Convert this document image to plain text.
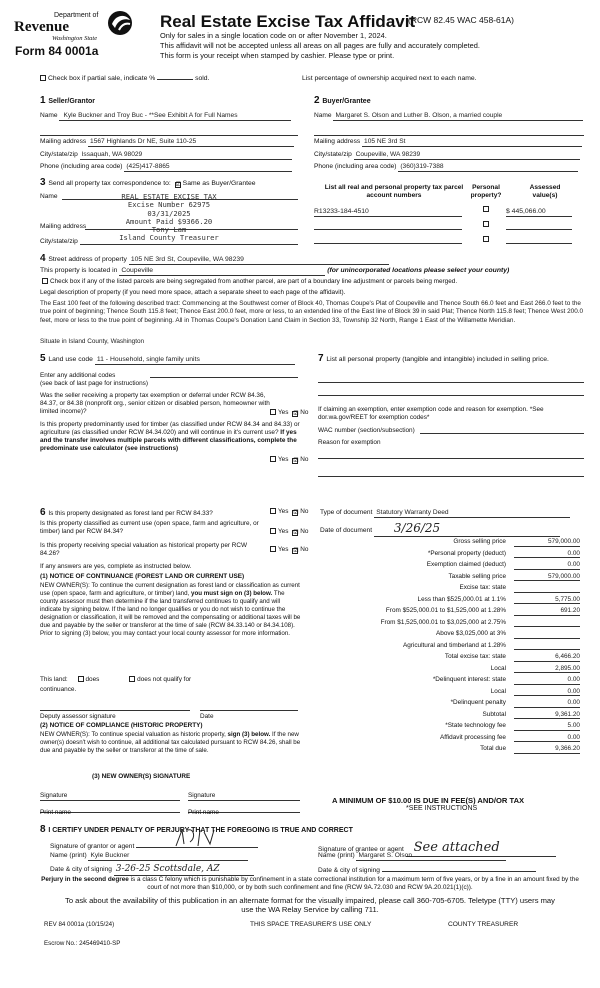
Department of
Revenue
Washington State
Form 84 0001a
Real Estate Excise Tax Affidavit
(RCW 82.45 WAC 458-61A)
Only for sales in a single location code on or after November 1, 2024.
This affidavit will not be accepted unless all areas on all pages are fully and accurately completed.
This form is your receipt when stamped by cashier. Please type or print.
Check box if partial sale, indicate %	sold.	List percentage of ownership acquired next to each name.
1 Seller/Grantor
Name Kyle Buckner and Troy Buc - **See Exhibit A for Full Names
Mailing address 1567 Highlands Dr NE, Suite 110-25
City/state/zip Issaquah, WA 98029
Phone (including area code) (425)417-8865
2 Buyer/Grantee
Name Margaret S. Olson and Luther B. Olson, a married couple
Mailing address 105 NE 3rd St
City/state/zip Coupeville, WA 98239
Phone (including area code) (360)319-7388
3 Send all property tax correspondence to: ☑ Same as Buyer/Grantee
Name
Mailing address
City/state/zip
REAL ESTATE EXCISE TAX
Excise Number 62975
03/31/2025
Amount Paid $9366.20
Tony Lam
Island County Treasurer
List all real and personal property tax parcel account numbers
Personal property?
Assessed value(s)
R13233-184-4510	$ 445,066.00
4 Street address of property 105 NE 3rd St, Coupeville, WA 98239
This property is located in Coupeville	(for unincorporated locations please select your county)
Check box if any of the listed parcels are being segregated from another parcel, are part of a boundary line adjustment or parcels being merged.
Legal description of property (if you need more space, attach a separate sheet to each page of the affidavit).
The East 100 feet of the following described tract: Commencing at the Southwest corner of Block 40, Thomas Coupe's Plat of Coupeville and Thence South 66.0 feet and East 266.0 feet to the true point of beginning; Thence South 115.8 feet; Thence East 200.0 feet, more or less, to an extended line of the East line of Block 39 in said Plat; Thence North 115.8 feet; Thence West 200.0 feet, more or less to the true point of beginning. All in Thomas Coupe's Donation Land Claim in Section 33, Township 32 North, Range 1 East of the Willamette Meridian.
Situate in Island County, Washington
5 Land use code 11 - Household, single family units
Enter any additional codes
(see back of last page for instructions)
Was the seller receiving a property tax exemption or deferral under RCW 84.36, 84.37, or 84.38 (nonprofit org., senior citizen or disabled person, homeowner with limited income)?	Yes ☑ No
Is this property predominantly used for timber (as classified under RCW 84.34 and 84.33) or agriculture (as classified under RCW 84.34.020) and will continue in it's current use? If yes and the transfer involves multiple parcels with different classifications, complete the predominate use calculator (see instructions)
Yes ☑ No
7 List all personal property (tangible and intangible) included in selling price.
If claiming an exemption, enter exemption code and reason for exemption. *See dor.wa.gov/REET for exemption codes*
WAC number (section/subsection)
Reason for exemption
6 Is this property designated as forest land per RCW 84.33?	Yes ☑ No
Is this property classified as current use (open space, farm and agriculture, or timber) land per RCW 84.34?	Yes ☑ No
Is this property receiving special valuation as historical property per RCW 84.26?
Yes ☑ No
If any answers are yes, complete as instructed below.
(1) NOTICE OF CONTINUANCE (FOREST LAND OR CURRENT USE)
NEW OWNER(S): To continue the current designation as forest land or classification as current use (open space, farm and agriculture, or timber) land, you must sign on (3) below. The county assessor must then determine if the land transferred continues to qualify and will indicate by signing below. If the land no longer qualifies or you do not wish to continue the designation or classification, it will be removed and the compensating or additional taxes will be due and payable by the seller or transferor at the time of sale (RCW 84.33.140 or 84.34.108). Prior to signing (3) below, you may contact your local county assessor for more information.
This land:	does	does not qualify for
continuance.
Deputy assessor signature	Date
(2) NOTICE OF COMPLIANCE (HISTORIC PROPERTY)
NEW OWNER(S): To continue special valuation as historic property, sign (3) below. If the new owner(s) doesn't wish to continue, all additional tax calculated pursuant to RCW 84.26, shall be due and payable by the seller or transferor at the time of sale.
(3) NEW OWNER(S) SIGNATURE
Signature	Signature
Print name	Print name
Type of document Statutory Warranty Deed
Date of document 3/26/25
Gross selling price	579,000.00
*Personal property (deduct)	0.00
Exemption claimed (deduct)	0.00
Taxable selling price	579,000.00
Excise tax: state
Less than $525,000.01 at 1.1%	5,775.00
From $525,000.01 to $1,525,000 at 1.28%	691.20
From $1,525,000.01 to $3,025,000 at 2.75%
Above $3,025,000 at 3%
Agricultural and timberland at 1.28%
Total excise tax: state	6,466.20
Local	2,895.00
*Delinquent interest: state	0.00
Local	0.00
*Delinquent penalty	0.00
Subtotal	9,361.20
*State technology fee	5.00
Affidavit processing fee	0.00
Total due	9,366.20
A MINIMUM OF $10.00 IS DUE IN FEE(S) AND/OR TAX
*SEE INSTRUCTIONS
8 I CERTIFY UNDER PENALTY OF PERJURY THAT THE FOREGOING IS TRUE AND CORRECT
Signature of grantor or agent
Name (print) Kyle Buckner
Date & city of signing 3-26-25 Scottsdale, AZ
Signature of grantee or agent See attached
Name (print) Margaret S. Olson
Date & city of signing
Perjury in the second degree is a class C felony which is punishable by confinement in a state correctional institution for a maximum term of five years, or by a fine in an amount fixed by the court of not more than $10,000, or by both such confinement and fine (RCW 9A.72.030 and RCW 9A.20.021(1)(c)).
To ask about the availability of this publication in an alternate format for the visually impaired, please call 360-705-6705. Teletype (TTY) users may use the WA Relay Service by calling 711.
REV 84 0001a (10/15/24)	THIS SPACE TREASURER'S USE ONLY	COUNTY TREASURER
Escrow No.: 245469410-SP
